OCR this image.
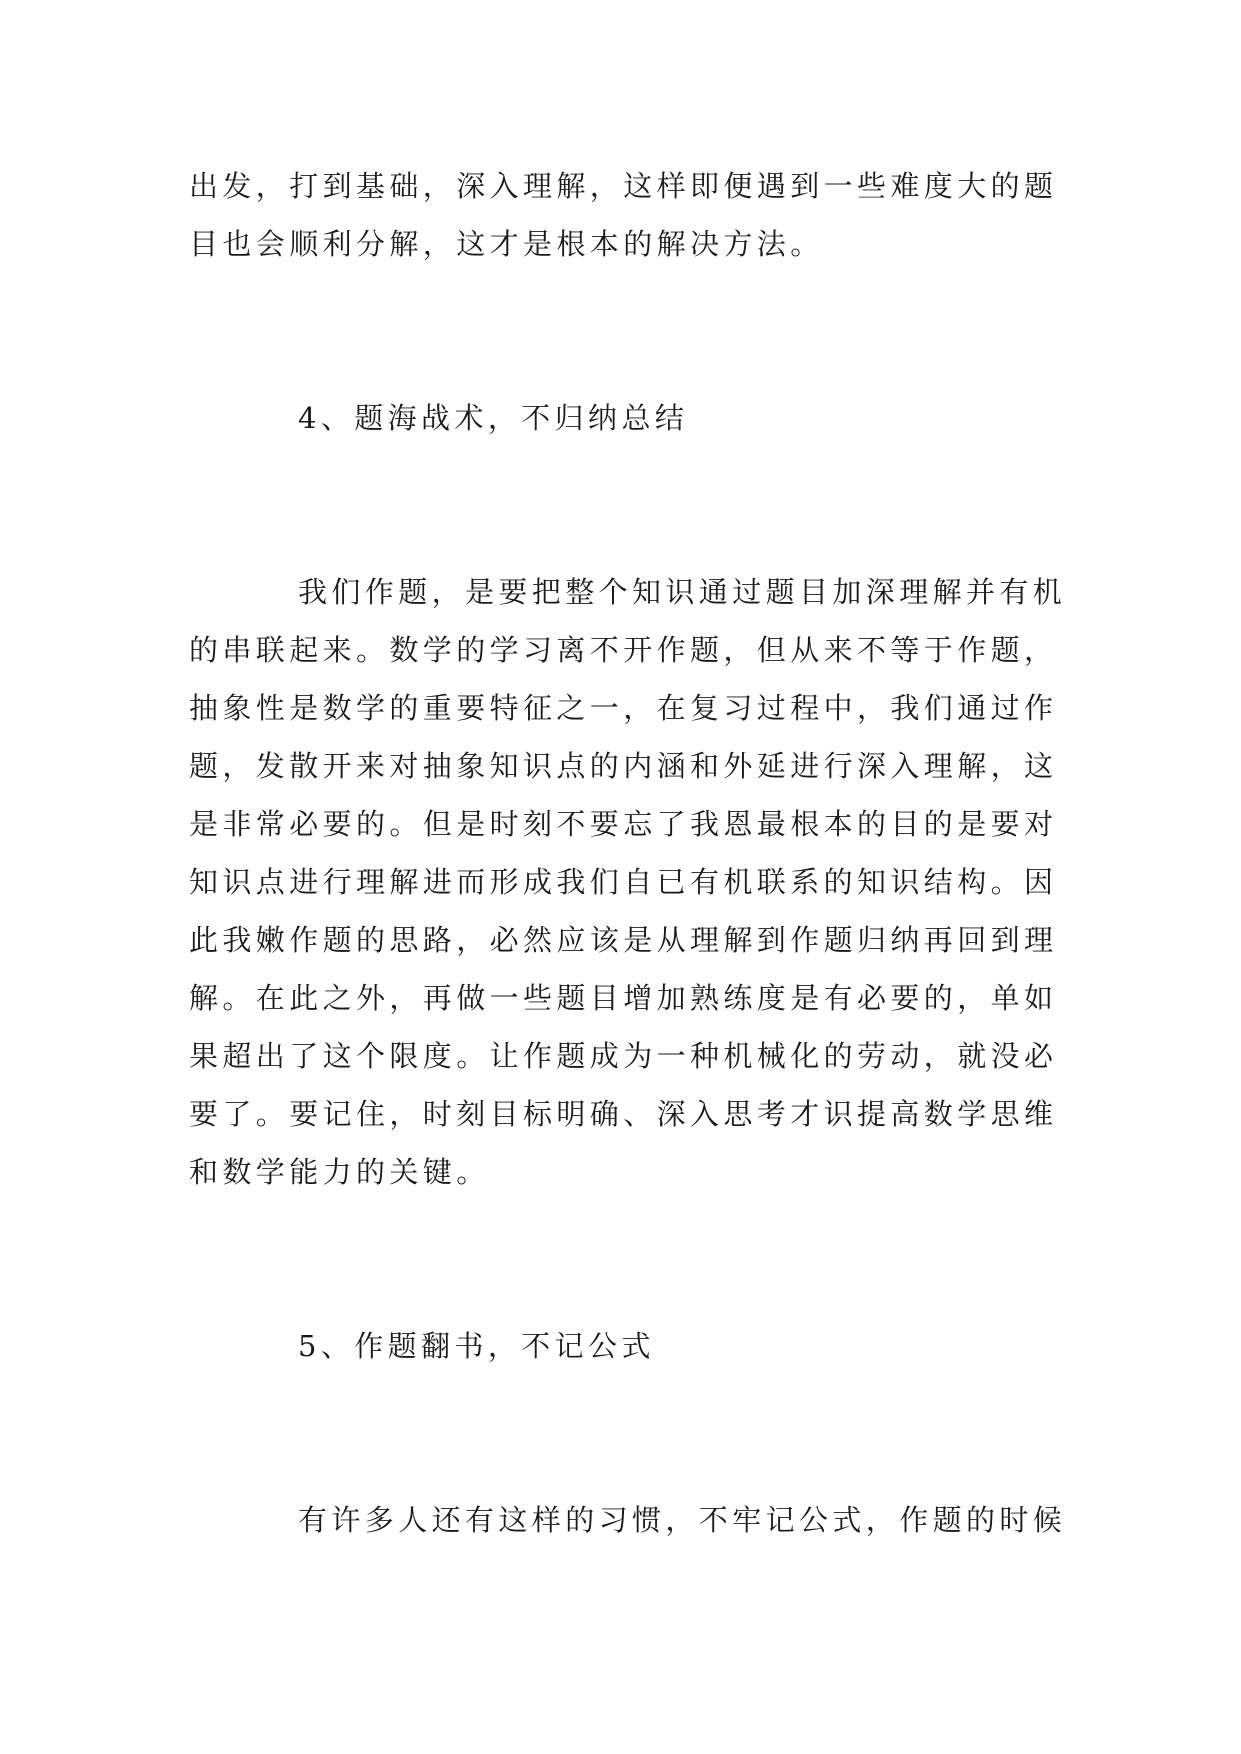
出发，打到基础，深入理解，这样即便遇到一些难度大的题
目也会顺利分解，这才是根本的解决方法。
4、题海战术，不归纳总结
我们作题，是要把整个知识通过题目加深理解并有机
的串联起来。数学的学习离不开作题，但从来不等于作题，
抽象性是数学的重要特征之一，在复习过程中，我们通过作
题，发散开来对抽象知识点的内涵和外延进行深入理解，这
是非常必要的。但是时刻不要忘了我恩最根本的目的是要对
知识点进行理解进而形成我们自已有机联系的知识结构。因
此我嫩作题的思路，必然应该是从理解到作题归纳再回到理
解。在此之外，再做一些题目增加熟练度是有必要的，单如
果超出了这个限度。让作题成为一种机械化的劳动，就没必
要了。要记住，时刻目标明确、深入思考才识提高数学思维
和数学能力的关键。
5、作题翻书，不记公式
有许多人还有这样的习惯，不牢记公式，作题的时候
